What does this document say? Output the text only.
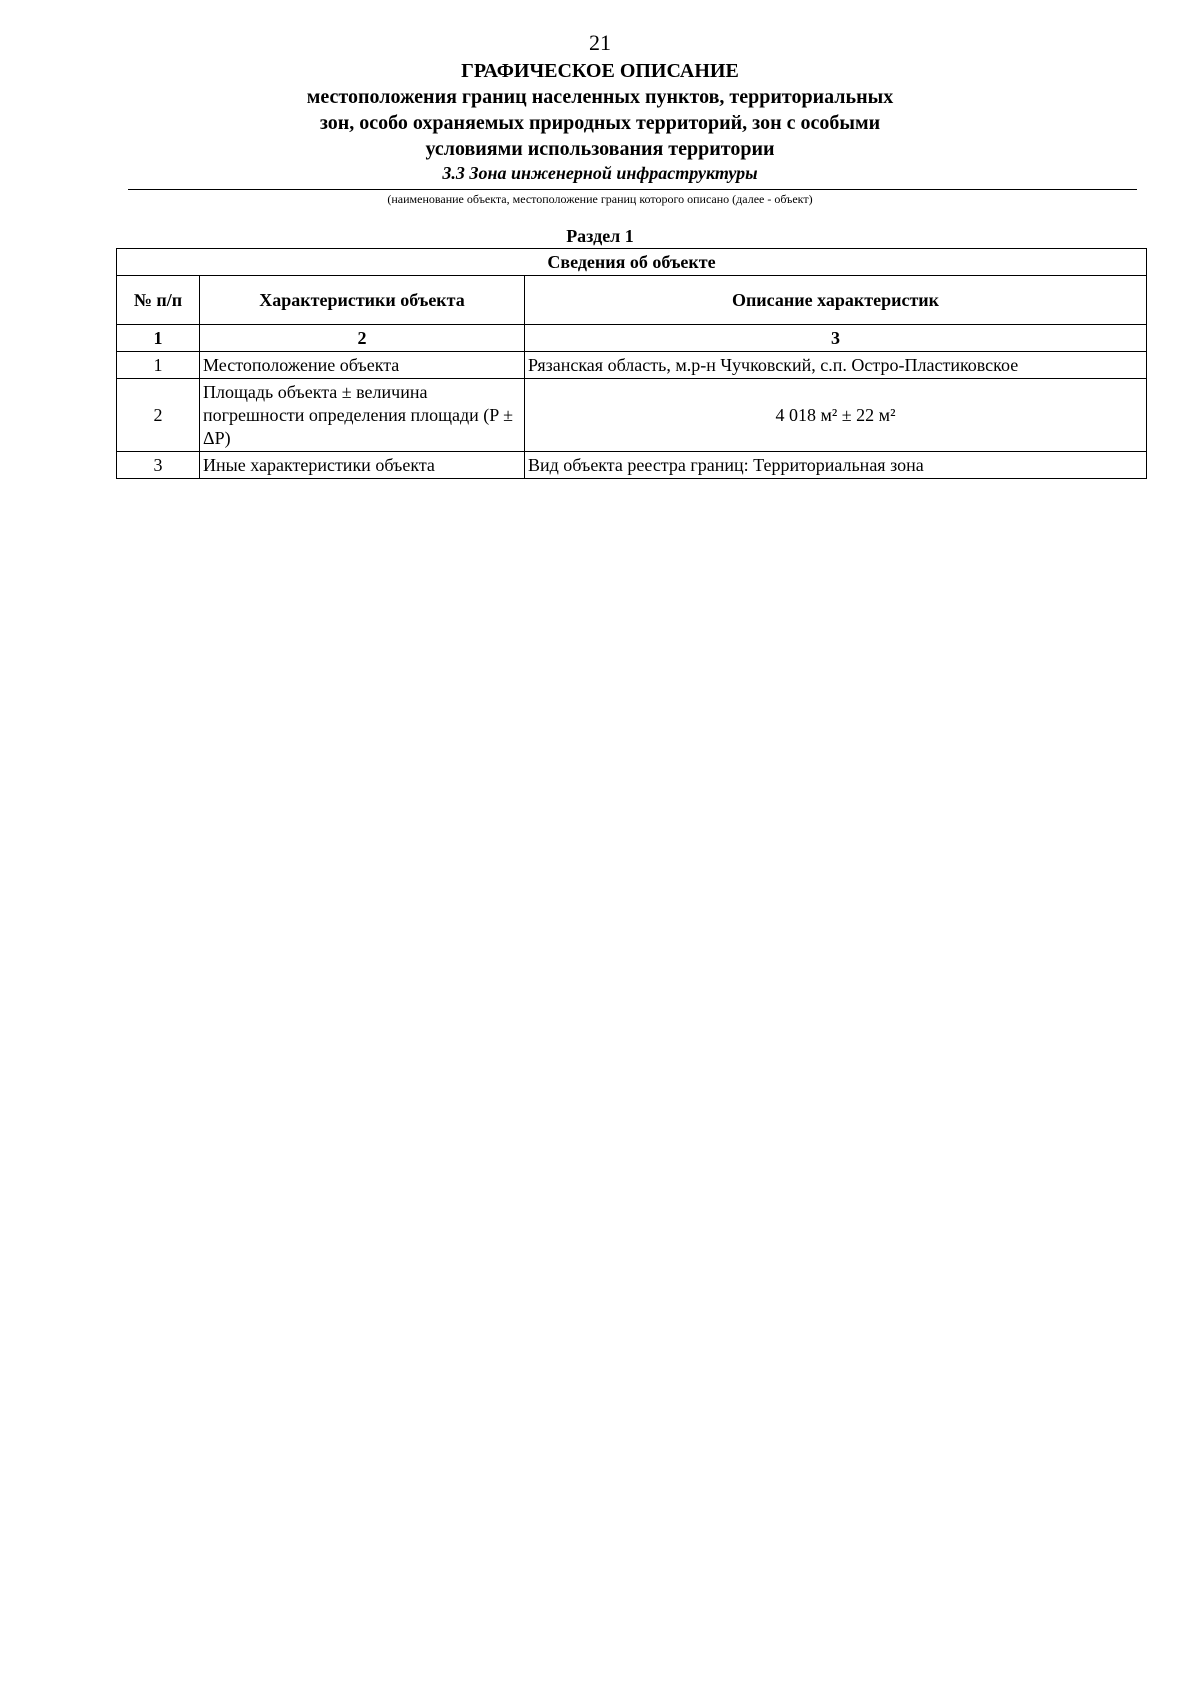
21
ГРАФИЧЕСКОЕ ОПИСАНИЕ
местоположения границ населенных пунктов, территориальных
зон, особо охраняемых природных территорий, зон с особыми
условиями использования территории
3.3 Зона инженерной инфраструктуры
(наименование объекта, местоположение границ которого описано (далее - объект)
Раздел 1
Сведения об объекте		
№ п/п	Характеристики объекта	Описание характеристик
1	2	3
1	Местоположение объекта	Рязанская область, м.р-н Чучковский, с.п. Остро-Пластиковское
2	Площадь объекта ± величина погрешности определения площади (P ± ΔP)	4 018 м² ± 22 м²
3	Иные характеристики объекта	Вид объекта реестра границ: Территориальная зона
